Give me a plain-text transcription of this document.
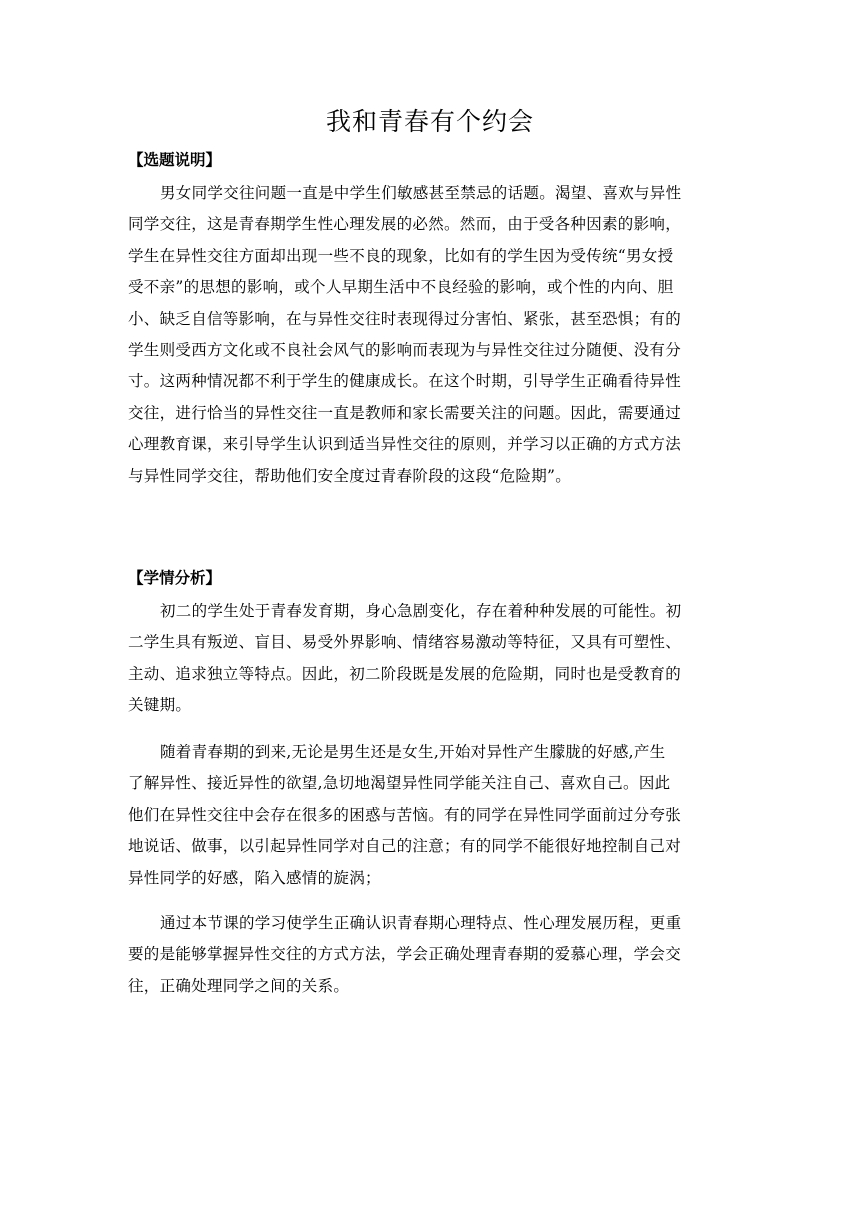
我和青春有个约会
【选题说明】
男女同学交往问题一直是中学生们敏感甚至禁忌的话题。渴望、喜欢与异性
同学交往，这是青春期学生性心理发展的必然。然而，由于受各种因素的影响，
学生在异性交往方面却出现一些不良的现象，比如有的学生因为受传统“男女授
受不亲”的思想的影响，或个人早期生活中不良经验的影响，或个性的内向、胆
小、缺乏自信等影响，在与异性交往时表现得过分害怕、紧张，甚至恐惧；有的
学生则受西方文化或不良社会风气的影响而表现为与异性交往过分随便、没有分
寸。这两种情况都不利于学生的健康成长。在这个时期，引导学生正确看待异性
交往，进行恰当的异性交往一直是教师和家长需要关注的问题。因此，需要通过
心理教育课，来引导学生认识到适当异性交往的原则，并学习以正确的方式方法
与异性同学交往，帮助他们安全度过青春阶段的这段“危险期”。
【学情分析】
初二的学生处于青春发育期，身心急剧变化，存在着种种发展的可能性。初
二学生具有叛逆、盲目、易受外界影响、情绪容易激动等特征，又具有可塑性、
主动、追求独立等特点。因此，初二阶段既是发展的危险期，同时也是受教育的
关键期。
随着青春期的到来,无论是男生还是女生,开始对异性产生朦胧的好感,产生
了解异性、接近异性的欲望,急切地渴望异性同学能关注自己、喜欢自己。因此
他们在异性交往中会存在很多的困惑与苦恼。有的同学在异性同学面前过分夸张
地说话、做事，以引起异性同学对自己的注意；有的同学不能很好地控制自己对
异性同学的好感，陷入感情的旋涡；
通过本节课的学习使学生正确认识青春期心理特点、性心理发展历程，更重
要的是能够掌握异性交往的方式方法，学会正确处理青春期的爱慕心理，学会交
往，正确处理同学之间的关系。
